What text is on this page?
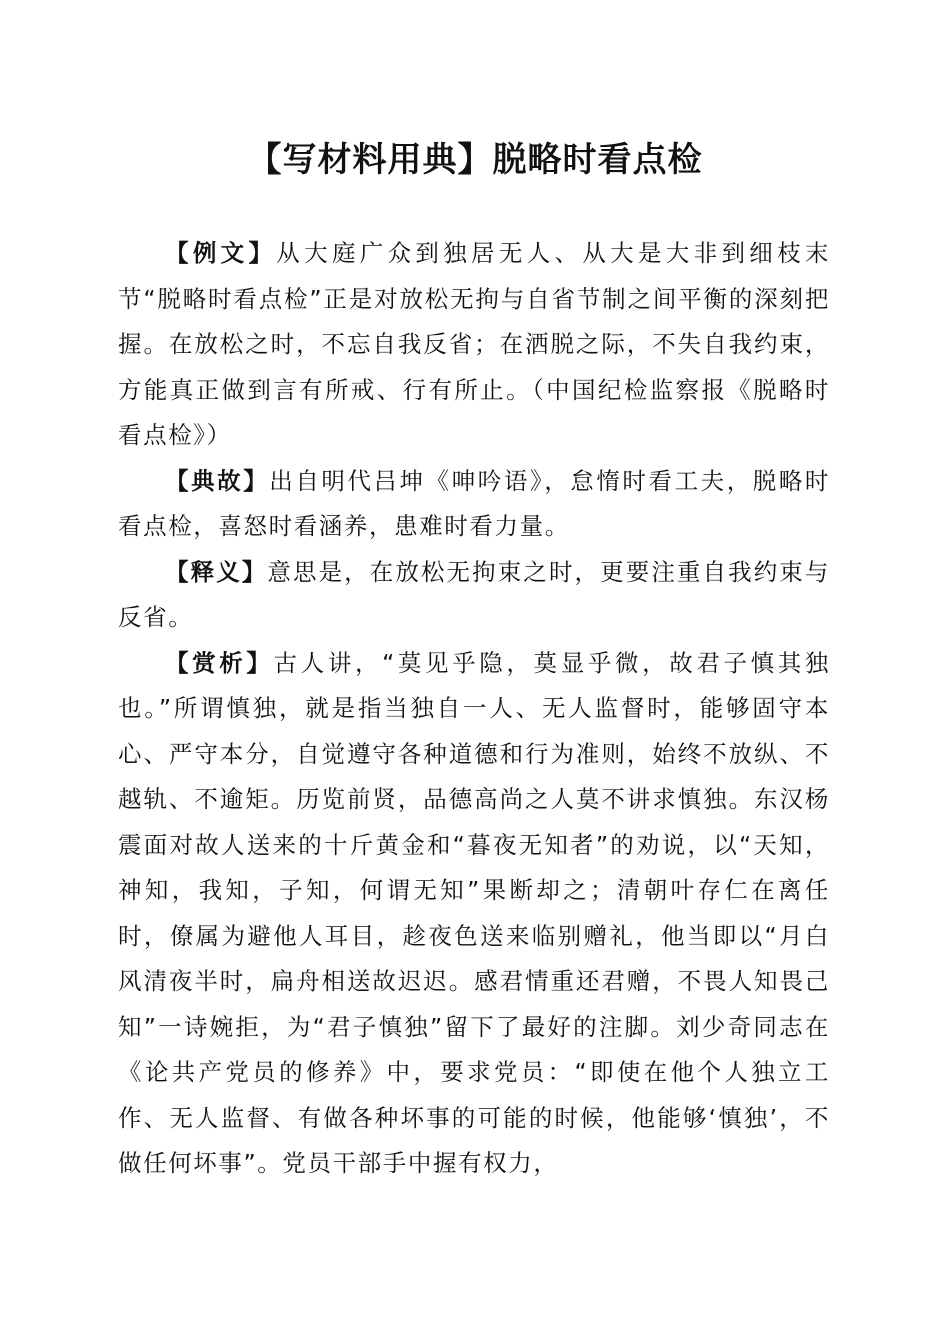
【写材料用典】脱略时看点检

【例文】从大庭广众到独居无人、从大是大非到细枝末节“脱略时看点检”正是对放松无拘与自省节制之间平衡的深刻把握。在放松之时，不忘自我反省；在洒脱之际，不失自我约束，方能真正做到言有所戒、行有所止。（中国纪检监察报《脱略时看点检》）

【典故】出自明代吕坤《呻吟语》，怠惰时看工夫，脱略时看点检，喜怒时看涵养，患难时看力量。

【释义】意思是，在放松无拘束之时，更要注重自我约束与反省。

【赏析】古人讲，“莫见乎隐，莫显乎微，故君子慎其独也。”所谓慎独，就是指当独自一人、无人监督时，能够固守本心、严守本分，自觉遵守各种道德和行为准则，始终不放纵、不越轨、不逾矩。历览前贤，品德高尚之人莫不讲求慎独。东汉杨震面对故人送来的十斤黄金和“暮夜无知者”的劝说，以“天知，神知，我知，子知，何谓无知”果断却之；清朝叶存仁在离任时，僚属为避他人耳目，趁夜色送来临别赠礼，他当即以“月白风清夜半时，扁舟相送故迟迟。感君情重还君赠，不畏人知畏己知”一诗婉拒，为“君子慎独”留下了最好的注脚。刘少奇同志在《论共产党员的修养》中，要求党员：“即使在他个人独立工作、无人监督、有做各种坏事的可能的时候，他能够‘慎独’，不做任何坏事”。党员干部手中握有权力，
